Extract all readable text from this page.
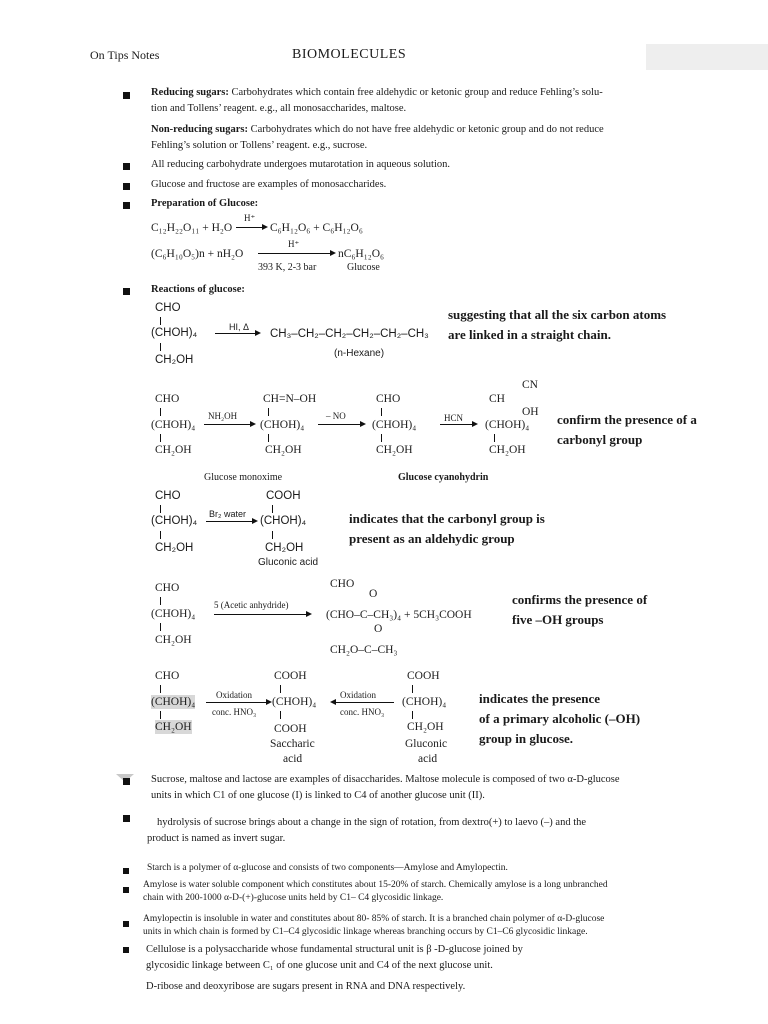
On Tips Notes	BIOMOLECULES
Reducing sugars: Carbohydrates which contain free aldehydic or ketonic group and reduce Fehling’s solu-
tion and Tollens’ reagent. e.g., all monosaccharides, maltose.
Non-reducing sugars: Carbohydrates which do not have free aldehydic or ketonic group and do not reduce
Fehling’s solution or Tollens’ reagent. e.g., sucrose.
All reducing carbohydrate undergoes mutarotation in aqueous solution.
Glucose and fructose are examples of monosaccharides.
Preparation of Glucose:
C₁₂H₂₂O₁₁ + H₂O
H⁺
C₆H₁₂O₆ + C₆H₁₂O₆
(C₆H₁₀O₅)n + nH₂O
H⁺
nC₆H₁₂O₆
393 K, 2-3 bar	Glucose
Reactions of glucose:
CHO
(CHOH)₄
CH₂OH
HI, Δ
CH₃–CH₂–CH₂–CH₂–CH₂–CH₃
(n-Hexane)
suggesting that all the six carbon atoms
are linked in a straight chain.
CHO
(CHOH)₄
CH₂OH
NH₂OH
CH=N–OH
(CHOH)₄
CH₂OH
– NO
CHO
(CHOH)₄
CH₂OH
HCN
CN
CH
OH
(CHOH)₄
CH₂OH
Glucose monoxime	Glucose cyanohydrin
confirm the presence of a
carbonyl group
CHO
(CHOH)₄
CH₂OH
Br₂ water
COOH
(CHOH)₄
CH₂OH
Gluconic acid
indicates that the carbonyl group is
present as an aldehydic group
CHO
(CHOH)₄
CH₂OH
5 (Acetic anhydride)
CHO
O
(CHO–C–CH₃)₄ + 5CH₃COOH
O
CH₂O–C–CH₃
confirms the presence of
five –OH groups
CHO
(CHOH)₄
CH₂OH
Oxidation
conc. HNO₃
COOH
(CHOH)₄
COOH
Saccharic
acid
Oxidation
conc. HNO₃
COOH
(CHOH)₄
CH₂OH
Gluconic
acid
indicates the presence
of a primary alcoholic (–OH)
group in glucose.
Sucrose, maltose and lactose are examples of disaccharides. Maltose molecule is composed of two α-D-glucose
units in which C1 of one glucose (I) is linked to C4 of another glucose unit (II).
hydrolysis of sucrose brings about a change in the sign of rotation, from dextro(+) to laevo (–) and the
product is named as invert sugar.
Starch is a polymer of α-glucose and consists of two components—Amylose and Amylopectin.
Amylose is water soluble component which constitutes about 15-20% of starch. Chemically amylose is a long unbranched
chain with 200-1000 α-D-(+)-glucose units held by C1– C4 glycosidic linkage.
Amylopectin is insoluble in water and constitutes about 80- 85% of starch. It is a branched chain polymer of α-D-glucose
units in which chain is formed by C1–C4 glycosidic linkage whereas branching occurs by C1–C6 glycosidic linkage.
Cellulose is a polysaccharide whose fundamental structural unit is β -D-glucose joined by
glycosidic linkage between C₁ of one glucose unit and C4 of the next glucose unit.
D-ribose and deoxyribose are sugars present in RNA and DNA respectively.
